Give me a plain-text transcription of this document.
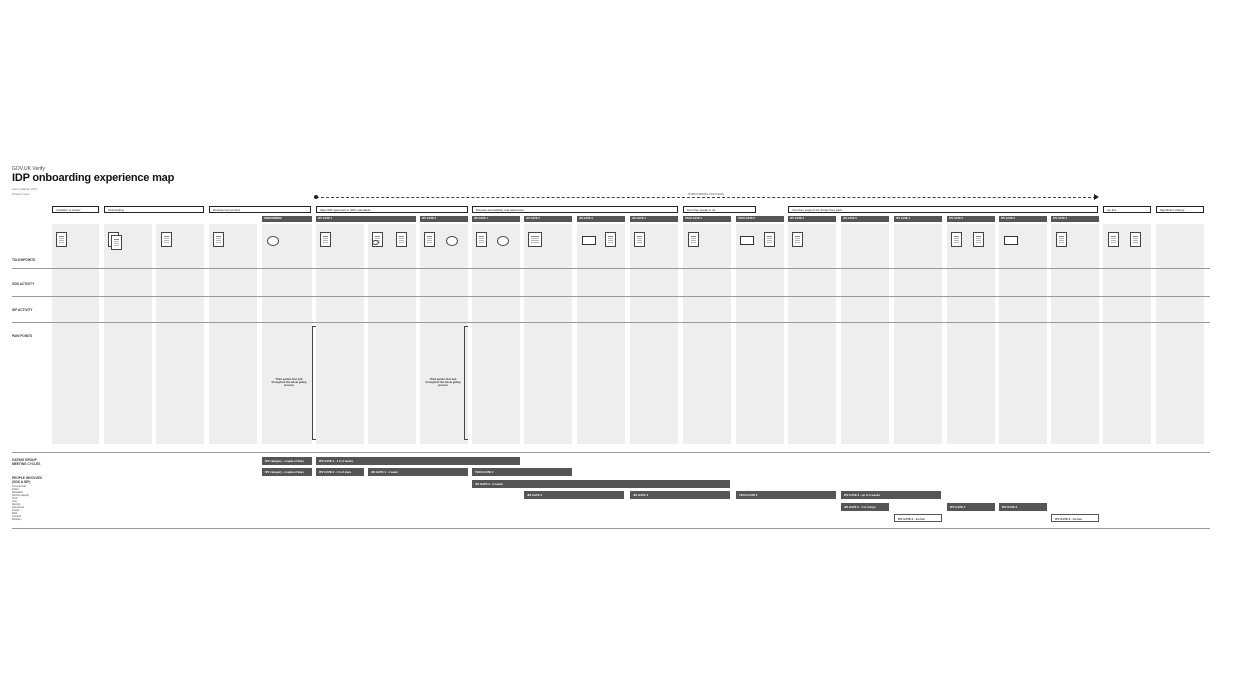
GOV.UK Verify
IDP onboarding experience map
Last updated: 2017
Product team	ONBOARDING PROCESS
Invitation to tender	Onboarding	Development period	Align IDP approach to GPG standards	Discuss accessibility and assurance	Can they speak to us	Can they support the things they said	Go live	Significant change
ONBOARDING	IPV GATE 1	IPV GATE 2	JIS GATE 1	JIS GATE 2	JIS GATE 3	JIS GATE 4	TECH GATE 1	TECH GATE 2	IPV GATE 3	JIS GATE 5	IPV GATE 4	IPV GATE 5	IPV GATE 6	IPV GATE 4
TOUCHPOINTS
GDS ACTIVITY
IDP ACTIVITY
PAIN POINTS
Third parties first and throughout the whole gating process
Third parties first and throughout the whole gating process
GATING GROUP MEETING CYCLES
PEOPLE INVOLVED (GDS & IDP)
Commercial
Policy
Research
Service design
Tech
Ops
Identity
Assurance
Fraud
Risk
Content
Delivery
IPV category - couple of days	IPV GATE 1 - 1 to 3 weeks
IPV category - couple of days	IPV GATE 2 - 1 to 3 days	JIS GATE 1 - 1 week	TECH GATE 1
JIS GATE 2 - 2 weeks
JIS GATE 3	JIS GATE 4	TECH GATE 2	IPV GATE 3 - up to 6 weeks
JIS GATE 5 - 1 to 3 days	IPV GATE 4	IPV GATE 5
IPV GATE 6 - Go live	IPV GATE 6 - Go live
